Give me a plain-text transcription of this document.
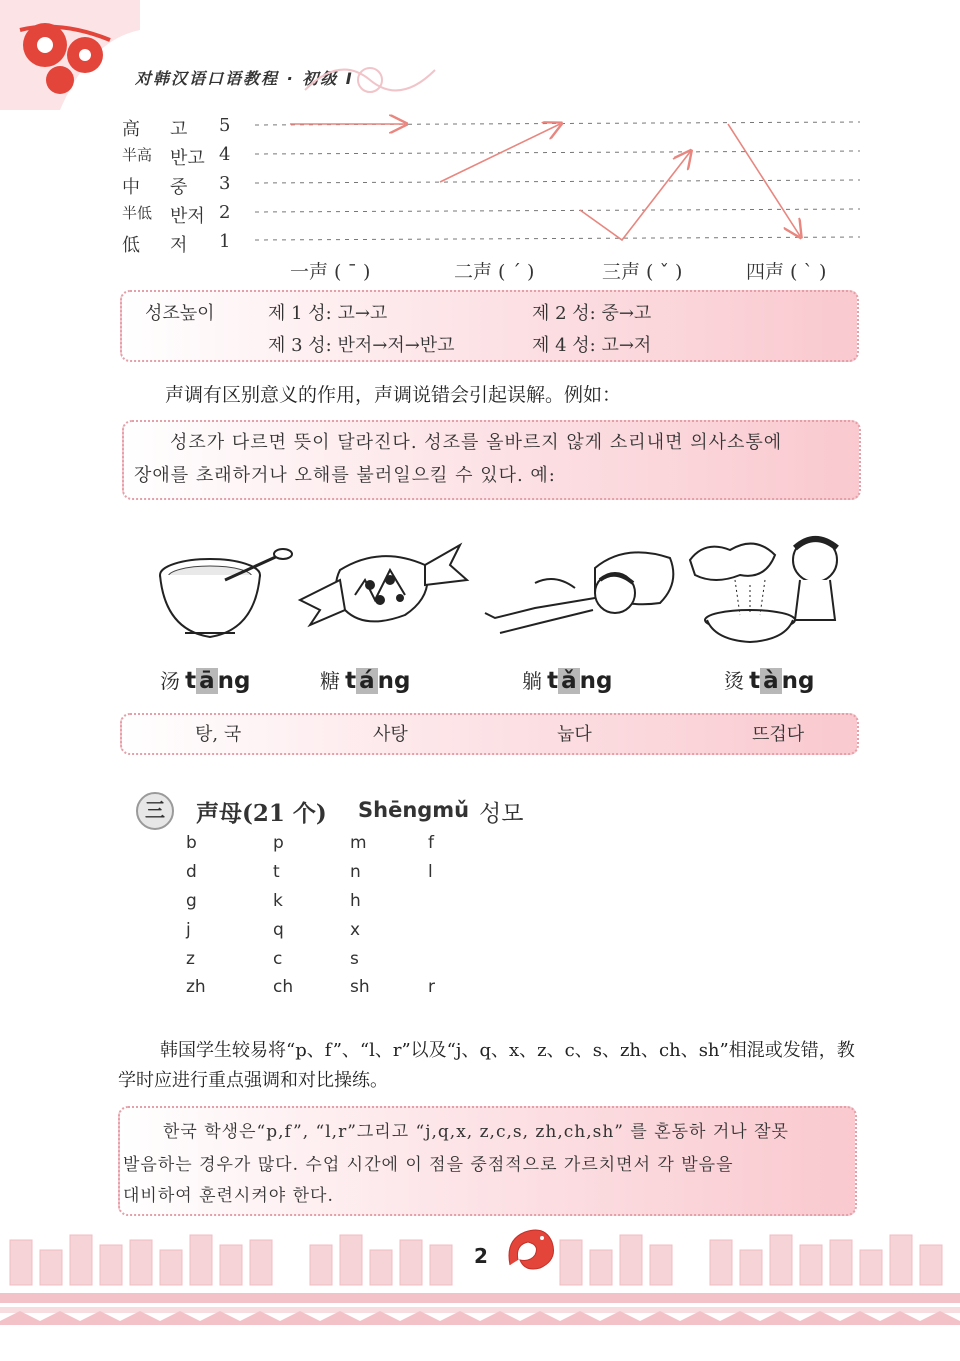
对韩汉语口语教程 · 初级 Ⅰ
高 고	5
半高 반고 4
中 중	3
半低 반저 2
低 저	1
一声 ( ˉ )	二声 ( ˊ )	三声 ( ˇ )	四声 ( ˋ )
성조높이	제 1 성: 고→고	제 2 성: 중→고
제 3 성: 반저→저→반고	제 4 성: 고→저
声调有区别意义的作用，声调说错会引起误解。例如：
성조가 다르면 뜻이 달라진다. 성조를 올바르지 않게 소리내면 의사소통에
장애를 초래하거나 오해를 불러일으킬 수 있다. 예:
汤 t ā ng	糖 t á ng	躺 t ǎ ng	烫 t à ng
탕, 국	사탕	눕다	뜨겁다
三	声母(21 个) Shēngmǔ 성모
b	p	m	f
d	t	n	l
g	k	h
j	q	x
z	c	s
zh	ch	sh	r
韩国学生较易将“p、f”、“l、r”以及“j、q、x、z、c、s、zh、ch、sh”相混或发错，教
学时应进行重点强调和对比操练。
한국 학생은“p,f”, “l,r”그리고 “j,q,x, z,c,s, zh,ch,sh” 를 혼동하 거나 잘못
발음하는 경우가 많다. 수업 시간에 이 점을 중점적으로 가르치면서 각 발음을
대비하여 훈련시켜야 한다.
2
